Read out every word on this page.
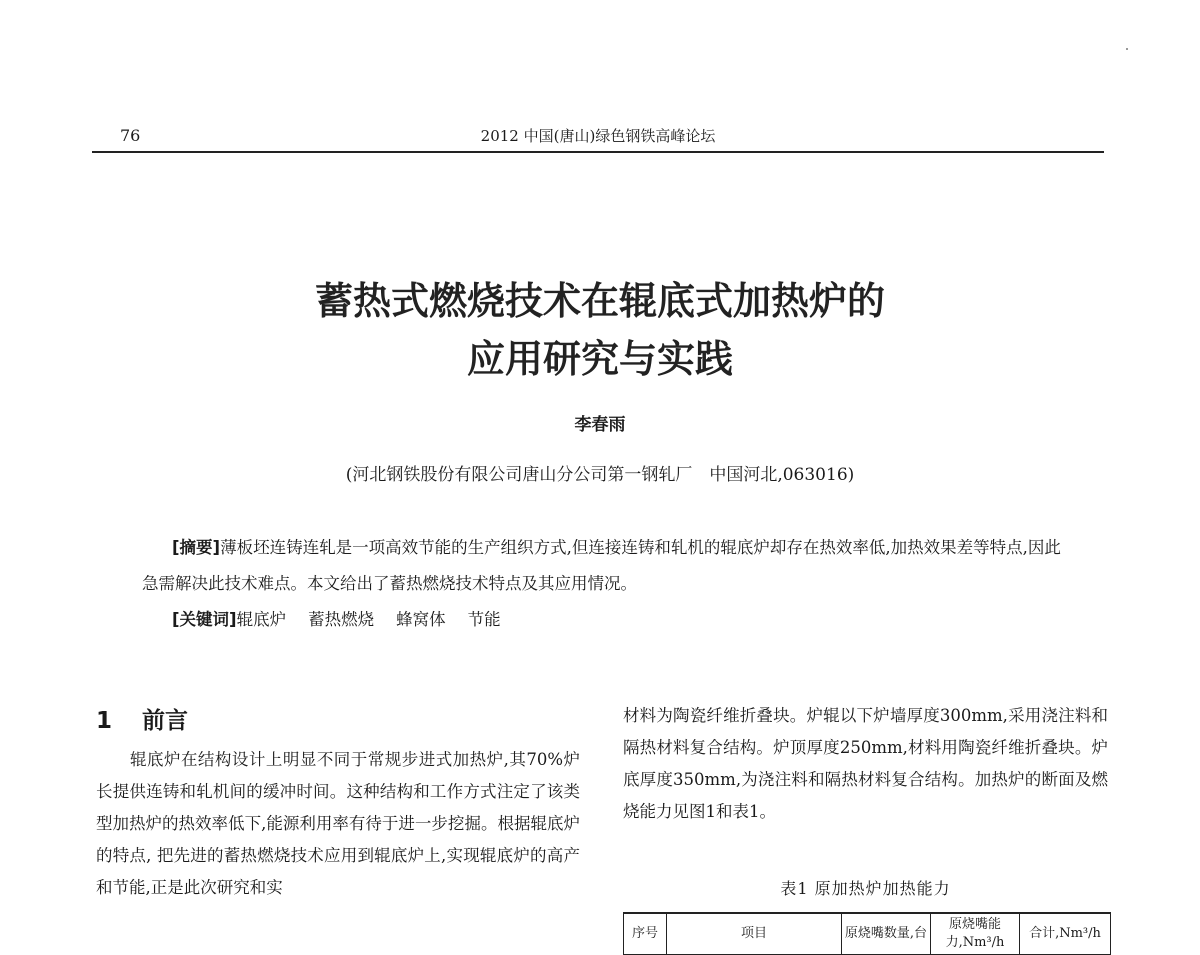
76	2012 中国(唐山)绿色钢铁高峰论坛
蓄热式燃烧技术在辊底式加热炉的
应用研究与实践
李春雨
(河北钢铁股份有限公司唐山分公司第一钢轧厂　中国河北,063016)

[摘要]薄板坯连铸连轧是一项高效节能的生产组织方式,但连接连铸和轧机的辊底炉却存在热效率低,加热效果差等特点,因此急需解决此技术难点。本文给出了蓄热燃烧技术特点及其应用情况。

[关键词]辊底炉 蓄热燃烧 蜂窝体 节能

1 前言

辊底炉在结构设计上明显不同于常规步进式加热炉,其70%炉长提供连铸和轧机间的缓冲时间。这种结构和工作方式注定了该类型加热炉的热效率低下,能源利用率有待于进一步挖掘。根据辊底炉的特点, 把先进的蓄热燃烧技术应用到辊底炉上,实现辊底炉的高产和节能,正是此次研究和实

材料为陶瓷纤维折叠块。炉辊以下炉墙厚度300mm,采用浇注料和隔热材料复合结构。炉顶厚度250mm,材料用陶瓷纤维折叠块。炉底厚度350mm,为浇注料和隔热材料复合结构。加热炉的断面及燃烧能力见图1和表1。

表1 原加热炉加热能力
序号	项目	原烧嘴数量,台	原烧嘴能力,Nm³/h	合计,Nm³/h
